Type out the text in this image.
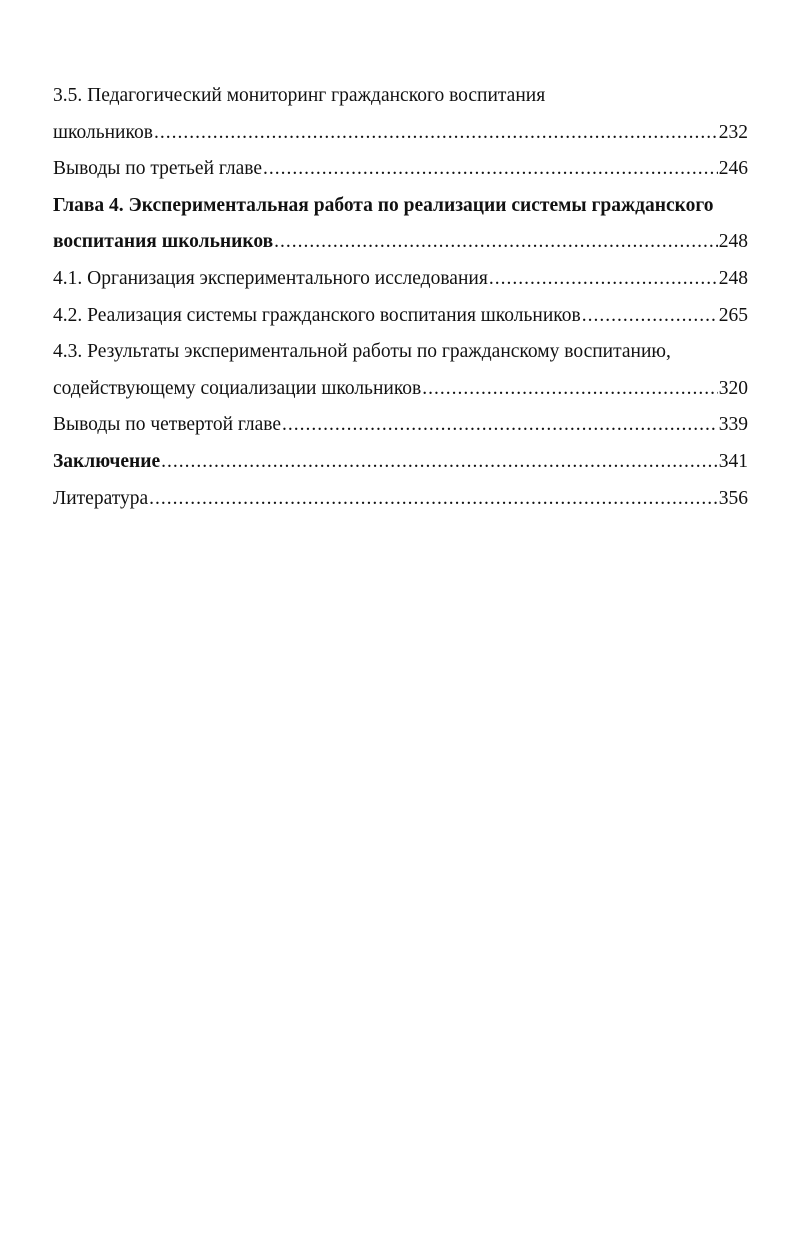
3.5. Педагогический мониторинг гражданского воспитания
школьников .....	232
Выводы по третьей главе .....	246
Глава 4. Экспериментальная работа по реализации системы гражданского
воспитания школьников .....	248
4.1. Организация экспериментального исследования .....	248
4.2. Реализация системы гражданского воспитания школьников .....	265
4.3. Результаты экспериментальной работы по гражданскому воспитанию,
содействующему социализации школьников .....	320
Выводы по четвертой главе .....	339
Заключение .....	341
Литература .....	356
